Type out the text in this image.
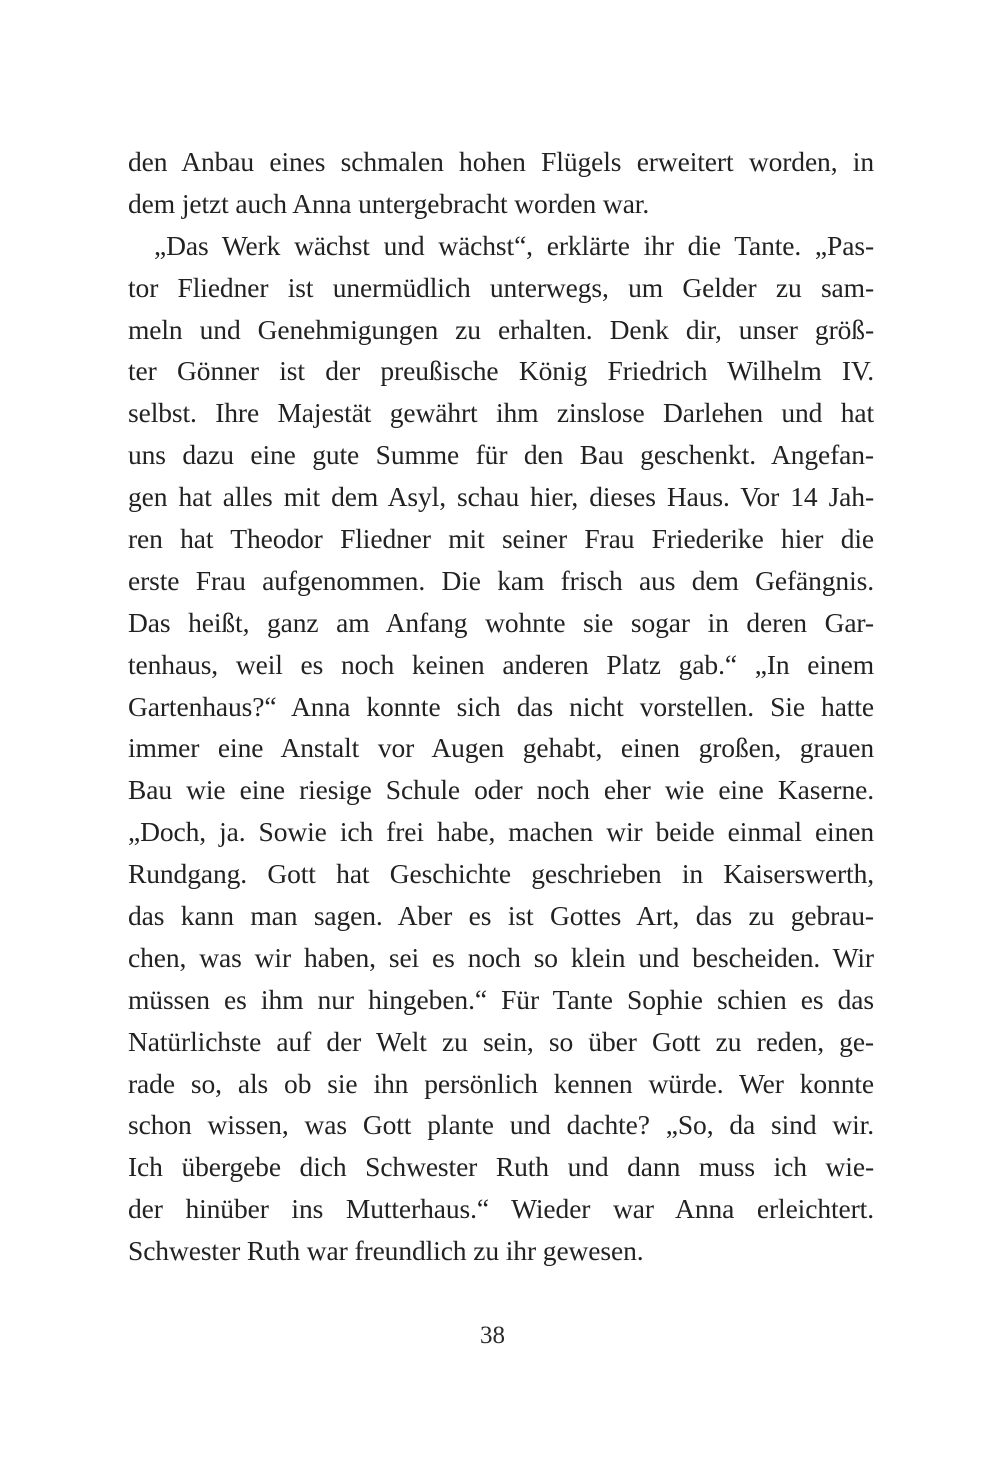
den Anbau eines schmalen hohen Flügels erweitert worden, in
dem jetzt auch Anna untergebracht worden war.
„Das Werk wächst und wächst“, erklärte ihr die Tante. „Pas-
tor Fliedner ist unermüdlich unterwegs, um Gelder zu sam-
meln und Genehmigungen zu erhalten. Denk dir, unser größ-
ter Gönner ist der preußische König Friedrich Wilhelm IV.
selbst. Ihre Majestät gewährt ihm zinslose Darlehen und hat
uns dazu eine gute Summe für den Bau geschenkt. Angefan-
gen hat alles mit dem Asyl, schau hier, dieses Haus. Vor 14 Jah-
ren hat Theodor Fliedner mit seiner Frau Friederike hier die
erste Frau aufgenommen. Die kam frisch aus dem Gefängnis.
Das heißt, ganz am Anfang wohnte sie sogar in deren Gar-
tenhaus, weil es noch keinen anderen Platz gab.“ „In einem
Gartenhaus?“ Anna konnte sich das nicht vorstellen. Sie hatte
immer eine Anstalt vor Augen gehabt, einen großen, grauen
Bau wie eine riesige Schule oder noch eher wie eine Kaserne.
„Doch, ja. Sowie ich frei habe, machen wir beide einmal einen
Rundgang. Gott hat Geschichte geschrieben in Kaiserswerth,
das kann man sagen. Aber es ist Gottes Art, das zu gebrau-
chen, was wir haben, sei es noch so klein und bescheiden. Wir
müssen es ihm nur hingeben.“ Für Tante Sophie schien es das
Natürlichste auf der Welt zu sein, so über Gott zu reden, ge-
rade so, als ob sie ihn persönlich kennen würde. Wer konnte
schon wissen, was Gott plante und dachte? „So, da sind wir.
Ich übergebe dich Schwester Ruth und dann muss ich wie-
der hinüber ins Mutterhaus.“ Wieder war Anna erleichtert.
Schwester Ruth war freundlich zu ihr gewesen.
38
